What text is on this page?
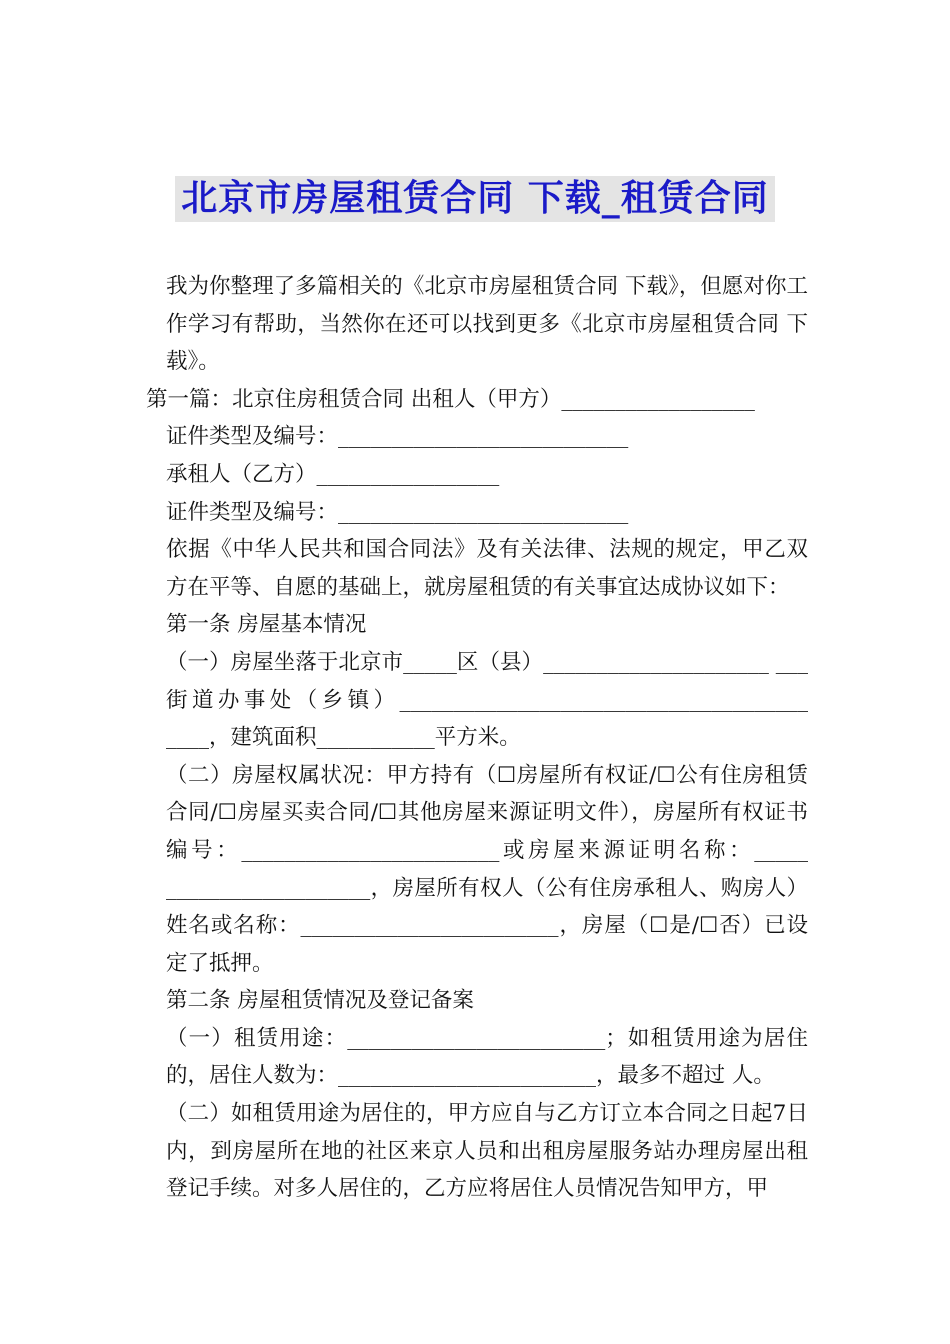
北京市房屋租赁合同 下载_租赁合同

我为你整理了多篇相关的《北京市房屋租赁合同 下载》，但愿对你工作学习有帮助，当然你在还可以找到更多《北京市房屋租赁合同 下载》。

第一篇：北京住房租赁合同 出租人（甲方）__________________

证件类型及编号：___________________________

承租人（乙方）_________________

证件类型及编号：___________________________

依据《中华人民共和国合同法》及有关法律、法规的规定，甲乙双方在平等、自愿的基础上，就房屋租赁的有关事宜达成协议如下：

第一条 房屋基本情况

（一）房屋坐落于北京市_____区（县）_____________________ ___街道办事处（乡镇）______________________________________ ____，建筑面积___________平方米。

（二）房屋权属状况：甲方持有（☐房屋所有权证/☐公有住房租赁合同/☐房屋买卖合同/☐其他房屋来源证明文件），房屋所有权证书编号：________________________或房屋来源证明名称：_____ ___________________，房屋所有权人（公有住房承租人、购房人）姓名或名称：________________________，房屋（☐是/☐否）已设定了抵押。

第二条 房屋租赁情况及登记备案

（一）租赁用途：________________________；如租赁用途为居住的，居住人数为：________________________，最多不超过 人。

（二）如租赁用途为居住的，甲方应自与乙方订立本合同之日起7日内，到房屋所在地的社区来京人员和出租房屋服务站办理房屋出租登记手续。对多人居住的，乙方应将居住人员情况告知甲方，甲
